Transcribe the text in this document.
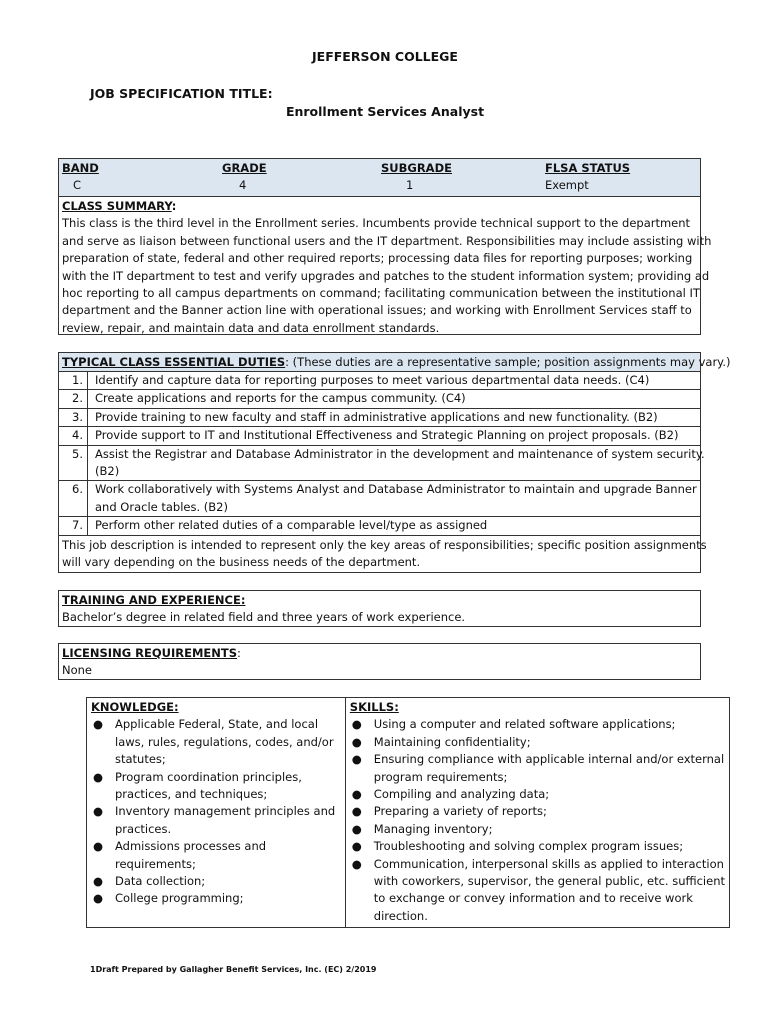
JEFFERSON COLLEGE
JOB SPECIFICATION TITLE:
Enrollment Services Analyst
BAND	GRADE	SUBGRADE	FLSA STATUS
C	4	1	Exempt
CLASS SUMMARY:
This class is the third level in the Enrollment series. Incumbents provide technical support to the department
and serve as liaison between functional users and the IT department. Responsibilities may include assisting with
preparation of state, federal and other required reports; processing data files for reporting purposes; working
with the IT department to test and verify upgrades and patches to the student information system; providing ad
hoc reporting to all campus departments on command; facilitating communication between the institutional IT
department and the Banner action line with operational issues; and working with Enrollment Services staff to
review, repair, and maintain data and data enrollment standards.
TYPICAL CLASS ESSENTIAL DUTIES: (These duties are a representative sample; position assignments may vary.)
1.	Identify and capture data for reporting purposes to meet various departmental data needs. (C4)
2.	Create applications and reports for the campus community. (C4)
3.	Provide training to new faculty and staff in administrative applications and new functionality. (B2)
4.	Provide support to IT and Institutional Effectiveness and Strategic Planning on project proposals. (B2)
5.	Assist the Registrar and Database Administrator in the development and maintenance of system security.
(B2)
6.	Work collaboratively with Systems Analyst and Database Administrator to maintain and upgrade Banner
and Oracle tables. (B2)
7.	Perform other related duties of a comparable level/type as assigned
This job description is intended to represent only the key areas of responsibilities; specific position assignments
will vary depending on the business needs of the department.
TRAINING AND EXPERIENCE:
Bachelor’s degree in related field and three years of work experience.
LICENSING REQUIREMENTS:
None
KNOWLEDGE:
●	Applicable Federal, State, and local
laws, rules, regulations, codes, and/or
statutes;
●	Program coordination principles,
practices, and techniques;
●	Inventory management principles and
practices.
●	Admissions processes and
requirements;
●	Data collection;
●	College programming;
SKILLS:
●	Using a computer and related software applications;
●	Maintaining confidentiality;
●	Ensuring compliance with applicable internal and/or external
program requirements;
●	Compiling and analyzing data;
●	Preparing a variety of reports;
●	Managing inventory;
●	Troubleshooting and solving complex program issues;
●	Communication, interpersonal skills as applied to interaction
with coworkers, supervisor, the general public, etc. sufficient
to exchange or convey information and to receive work
direction.
1Draft Prepared by Gallagher Benefit Services, Inc. (EC) 2/2019
